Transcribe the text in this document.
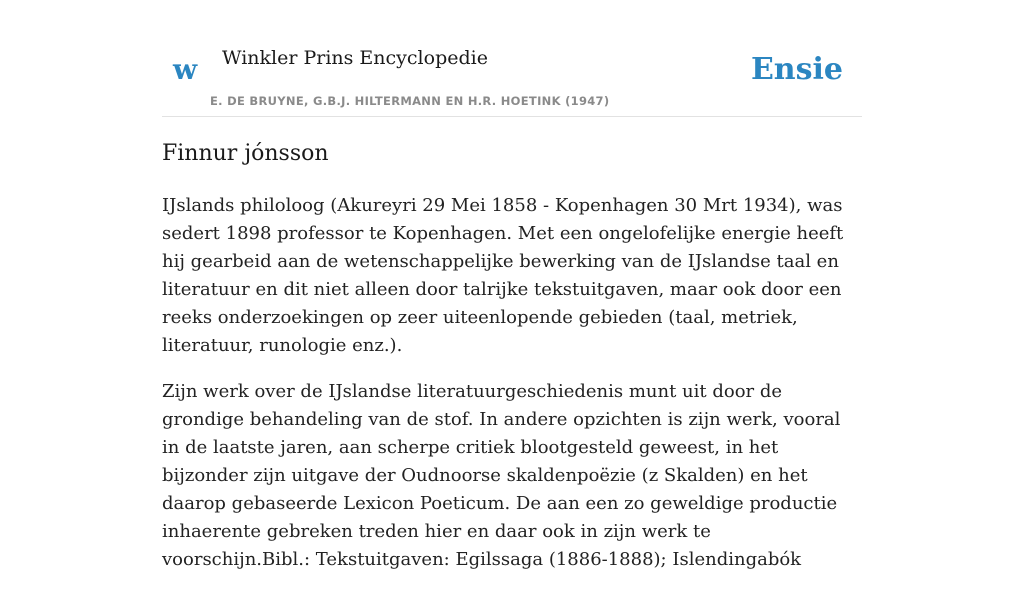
w Winkler Prins Encyclopedie
E. DE BRUYNE, G.B.J. HILTERMANN EN H.R. HOETINK (1947)
Ensie
Finnur jónsson

IJslands philoloog (Akureyri 29 Mei 1858 - Kopenhagen 30 Mrt 1934), was sedert 1898 professor te Kopenhagen. Met een ongelofelijke energie heeft hij gearbeid aan de wetenschappelijke bewerking van de IJslandse taal en literatuur en dit niet alleen door talrijke tekstuitgaven, maar ook door een reeks onderzoekingen op zeer uiteenlopende gebieden (taal, metriek, literatuur, runologie enz.).

Zijn werk over de IJslandse literatuurgeschiedenis munt uit door de grondige behandeling van de stof. In andere opzichten is zijn werk, vooral in de laatste jaren, aan scherpe critiek blootgesteld geweest, in het bijzonder zijn uitgave der Oudnoorse skaldenpoëzie (z Skalden) en het daarop gebaseerde Lexicon Poeticum. De aan een zo geweldige productie inhaerente gebreken treden hier en daar ook in zijn werk te voorschijn.Bibl.: Tekstuitgaven: Egilssaga (1886-1888); Islendingabók
